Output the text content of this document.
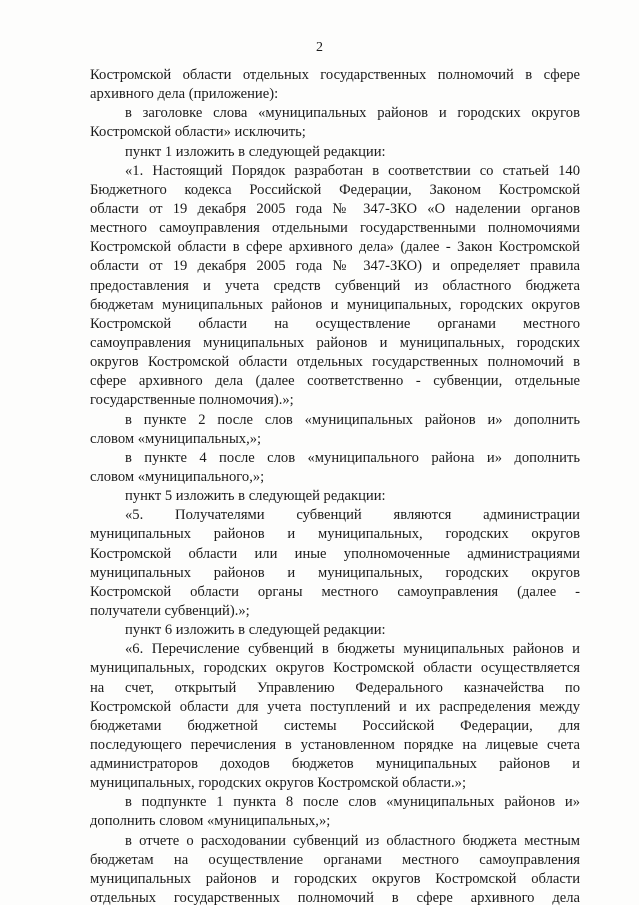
2
Костромской области отдельных государственных полномочий в сфере
архивного дела (приложение):
в заголовке слова «муниципальных районов и городских округов
Костромской области» исключить;
пункт 1 изложить в следующей редакции:
«1. Настоящий Порядок разработан в соответствии со статьей 140
Бюджетного кодекса Российской Федерации, Законом Костромской
области от 19 декабря 2005 года № 347-ЗКО «О наделении органов
местного самоуправления отдельными государственными полномочиями
Костромской области в сфере архивного дела» (далее - Закон Костромской
области от 19 декабря 2005 года № 347-ЗКО) и определяет правила
предоставления и учета средств субвенций из областного бюджета
бюджетам муниципальных районов и муниципальных, городских округов
Костромской области на осуществление органами местного
самоуправления муниципальных районов и муниципальных, городских
округов Костромской области отдельных государственных полномочий в
сфере архивного дела (далее соответственно - субвенции, отдельные
государственные полномочия).»;
в пункте 2 после слов «муниципальных районов и» дополнить
словом «муниципальных,»;
в пункте 4 после слов «муниципального района и» дополнить
словом «муниципального,»;
пункт 5 изложить в следующей редакции:
«5. Получателями субвенций являются администрации
муниципальных районов и муниципальных, городских округов
Костромской области или иные уполномоченные администрациями
муниципальных районов и муниципальных, городских округов
Костромской области органы местного самоуправления (далее -
получатели субвенций).»;
пункт 6 изложить в следующей редакции:
«6. Перечисление субвенций в бюджеты муниципальных районов и
муниципальных, городских округов Костромской области осуществляется
на счет, открытый Управлению Федерального казначейства по
Костромской области для учета поступлений и их распределения между
бюджетами бюджетной системы Российской Федерации, для
последующего перечисления в установленном порядке на лицевые счета
администраторов доходов бюджетов муниципальных районов и
муниципальных, городских округов Костромской области.»;
в подпункте 1 пункта 8 после слов «муниципальных районов и»
дополнить словом «муниципальных,»;
в отчете о расходовании субвенций из областного бюджета местным
бюджетам на осуществление органами местного самоуправления
муниципальных районов и городских округов Костромской области
отдельных государственных полномочий в сфере архивного дела
